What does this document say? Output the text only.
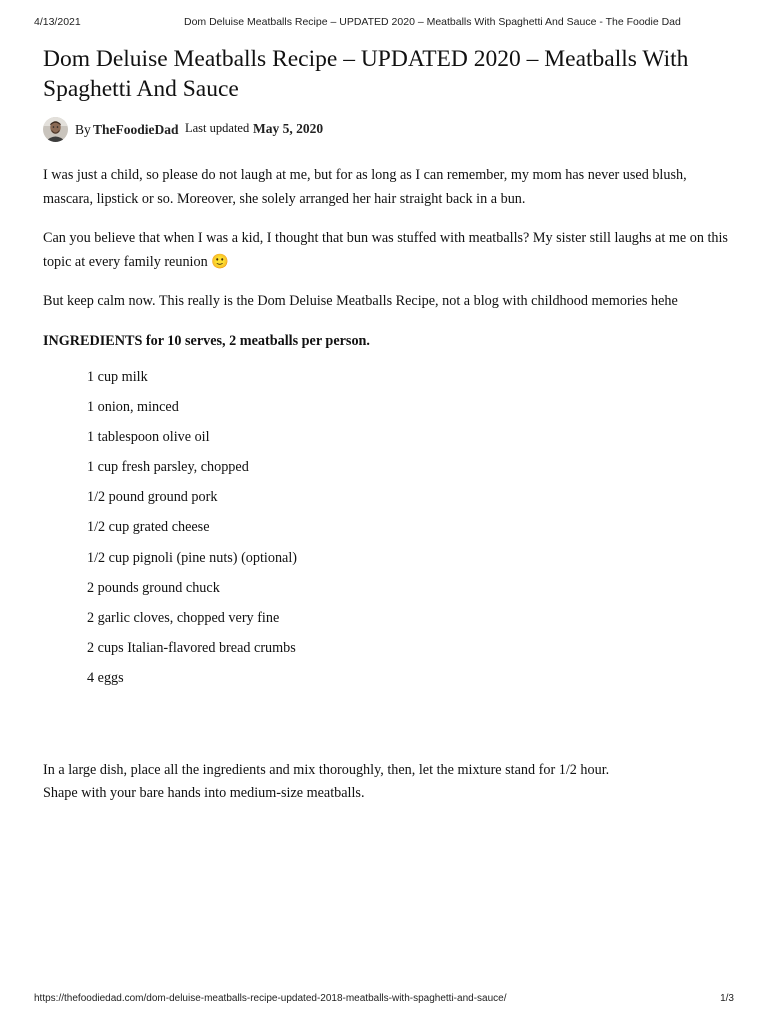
4/13/2021	Dom Deluise Meatballs Recipe – UPDATED 2020 – Meatballs With Spaghetti And Sauce - The Foodie Dad
Dom Deluise Meatballs Recipe – UPDATED 2020 – Meatballs With Spaghetti And Sauce
By TheFoodieDad Last updated May 5, 2020

I was just a child, so please do not laugh at me, but for as long as I can remember, my mom has never used blush, mascara, lipstick or so. Moreover, she solely arranged her hair straight back in a bun.

Can you believe that when I was a kid, I thought that bun was stuffed with meatballs? My sister still laughs at me on this topic at every family reunion 🙂

But keep calm now. This really is the Dom Deluise Meatballs Recipe, not a blog with childhood memories hehe

INGREDIENTS for 10 serves, 2 meatballs per person.

1 cup milk
1 onion, minced
1 tablespoon olive oil
1 cup fresh parsley, chopped
1/2 pound ground pork
1/2 cup grated cheese
1/2 cup pignoli (pine nuts) (optional)
2 pounds ground chuck
2 garlic cloves, chopped very fine
2 cups Italian-flavored bread crumbs
4 eggs
In a large dish, place all the ingredients and mix thoroughly, then, let the mixture stand for 1/2 hour.
Shape with your bare hands into medium-size meatballs.
https://thefoodiedad.com/dom-deluise-meatballs-recipe-updated-2018-meatballs-with-spaghetti-and-sauce/	1/3
